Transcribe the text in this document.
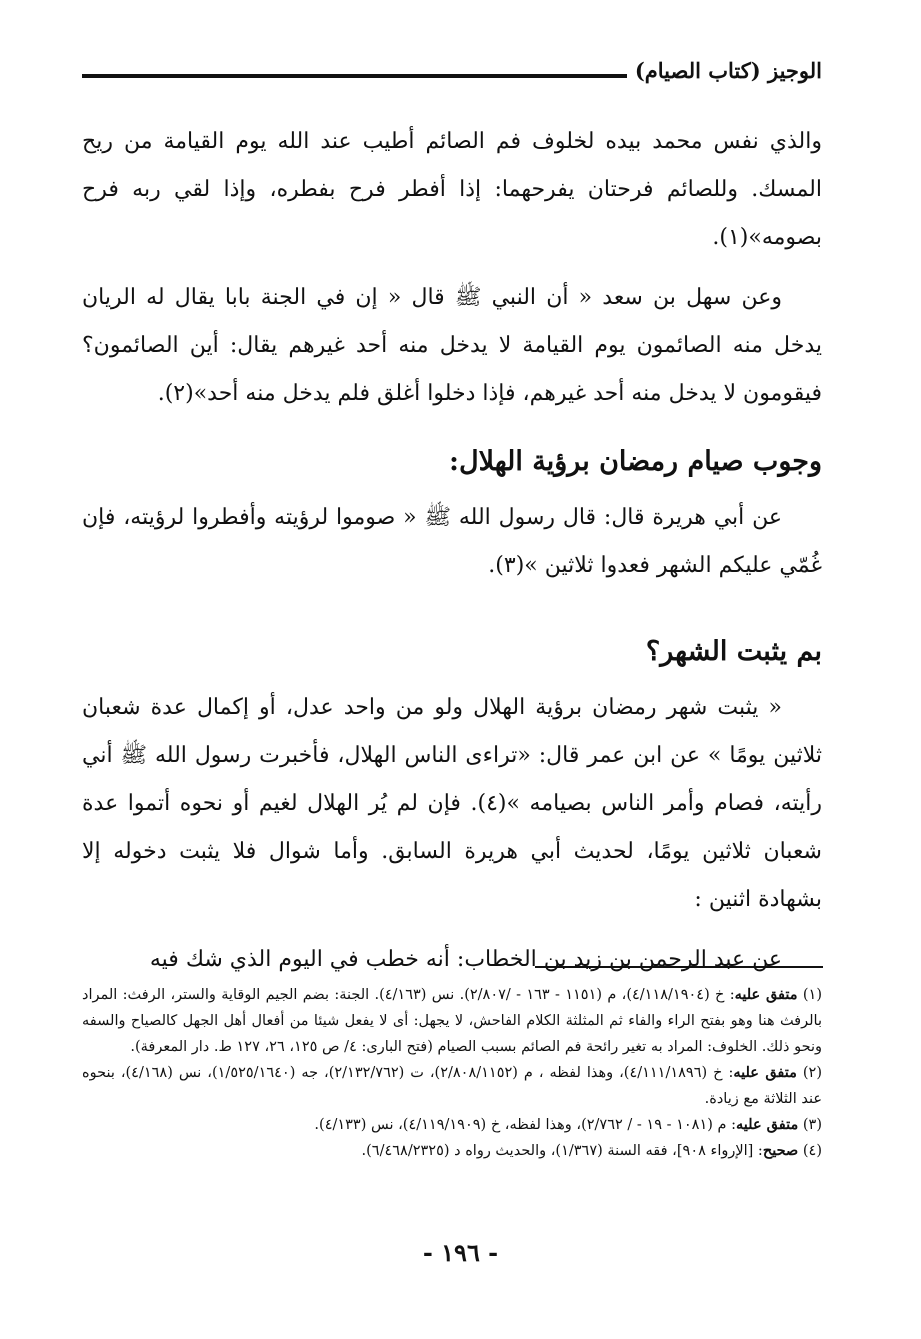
الوجيز (كتاب الصيام)

والذي نفس محمد بيده لخلوف فم الصائم أطيب عند الله يوم القيامة من ريح المسك. وللصائم فرحتان يفرحهما: إذا أفطر فرح بفطره، وإذا لقي ربه فرح بصومه»(١).

وعن سهل بن سعد « أن النبي ﷺ قال « إن في الجنة بابا يقال له الريان يدخل منه الصائمون يوم القيامة لا يدخل منه أحد غيرهم يقال: أين الصائمون؟ فيقومون لا يدخل منه أحد غيرهم، فإذا دخلوا أغلق فلم يدخل منه أحد»(٢).

وجوب صيام رمضان برؤية الهلال:

عن أبي هريرة قال: قال رسول الله ﷺ « صوموا لرؤيته وأفطروا لرؤيته، فإن غُمّي عليكم الشهر فعدوا ثلاثين »(٣).

بم يثبت الشهر؟

« يثبت شهر رمضان برؤية الهلال ولو من واحد عدل، أو إكمال عدة شعبان ثلاثين يومًا » عن ابن عمر قال: «تراءى الناس الهلال، فأخبرت رسول الله ﷺ أني رأيته، فصام وأمر الناس بصيامه »(٤). فإن لم يُر الهلال لغيم أو نحوه أتموا عدة شعبان ثلاثين يومًا، لحديث أبي هريرة السابق. وأما شوال فلا يثبت دخوله إلا بشهادة اثنين :

عن عبد الرحمن بن زيد بن الخطاب: أنه خطب في اليوم الذي شك فيه

(١) متفق عليه: خ (٤/١١٨/١٩٠٤)، م (١١٥١ - ١٦٣ - /٢/٨٠٧). نس (٤/١٦٣). الجنة: بضم الجيم الوقاية والستر، الرفث: المراد بالرفث هنا وهو بفتح الراء والفاء ثم المثلثة الكلام الفاحش، لا يجهل: أى لا يفعل شيئا من أفعال أهل الجهل كالصياح والسفه ونحو ذلك. الخلوف: المراد به تغير رائحة فم الصائم بسبب الصيام (فتح البارى: ٤/ ص ١٢٥، ٢٦، ١٢٧ ط. دار المعرفة).

(٢) متفق عليه: خ (٤/١١١/١٨٩٦)، وهذا لفظه ، م (٢/٨٠٨/١١٥٢)، ت (٢/١٣٢/٧٦٢)، جه (١/٥٢٥/١٦٤٠)، نس (٤/١٦٨)، بنحوه عند الثلاثة مع زيادة.

(٣) متفق عليه: م (١٠٨١ - ١٩ - / ٢/٧٦٢)، وهذا لفظه، خ (٤/١١٩/١٩٠٩)، نس (٤/١٣٣).

(٤) صحيح: [الإرواء ٩٠٨]، فقه السنة (١/٣٦٧)، والحديث رواه د (٦/٤٦٨/٢٣٢٥).

- ١٩٦ -
